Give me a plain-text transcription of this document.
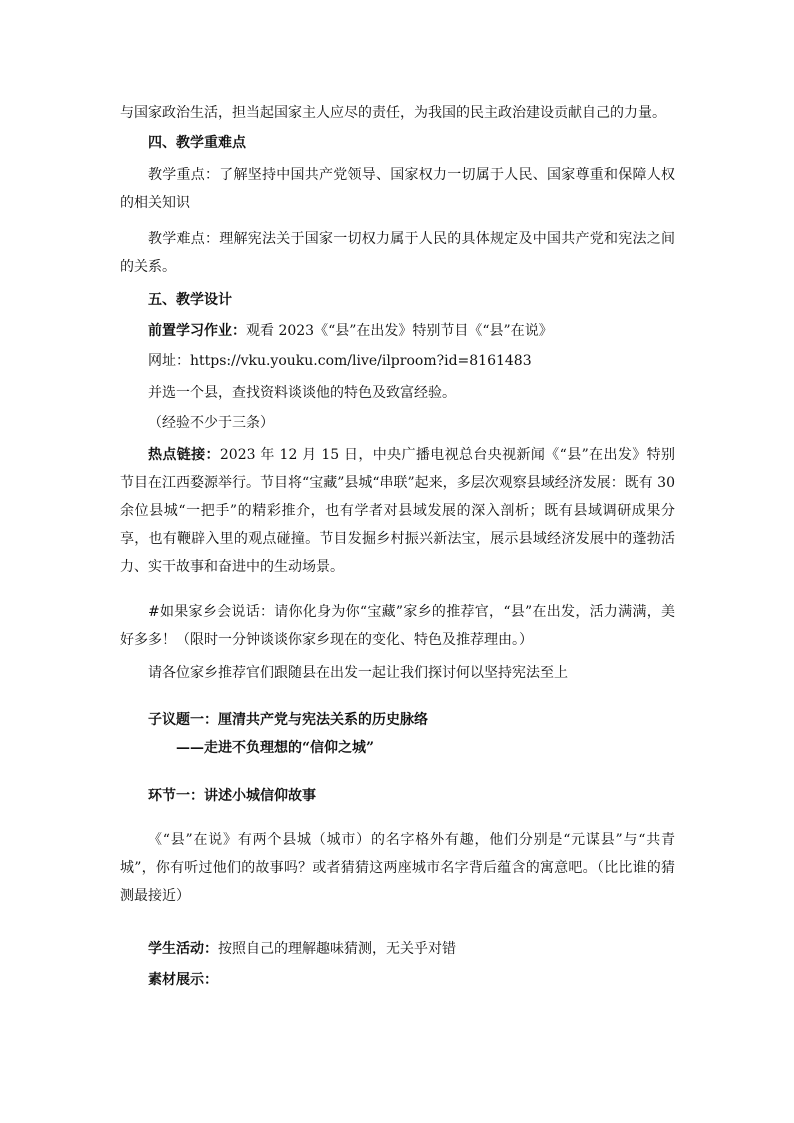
与国家政治生活，担当起国家主人应尽的责任，为我国的民主政治建设贡献自己的力量。

四、教学重难点

教学重点：了解坚持中国共产党领导、国家权力一切属于人民、国家尊重和保障人权的相关知识

教学难点：理解宪法关于国家一切权力属于人民的具体规定及中国共产党和宪法之间的关系。

五、教学设计

前置学习作业：观看 2023《“县”在出发》特别节目《“县”在说》

网址：https://vku.youku.com/live/ilproom?id=8161483

并选一个县，查找资料谈谈他的特色及致富经验。

（经验不少于三条）

热点链接：2023 年 12 月 15 日，中央广播电视总台央视新闻《“县”在出发》特别节目在江西婺源举行。节目将“宝藏”县城“串联”起来，多层次观察县域经济发展：既有 30 余位县城“一把手”的精彩推介，也有学者对县域发展的深入剖析；既有县域调研成果分享，也有鞭辟入里的观点碰撞。节目发掘乡村振兴新法宝，展示县域经济发展中的蓬勃活力、实干故事和奋进中的生动场景。

#如果家乡会说话：请你化身为你“宝藏”家乡的推荐官，“县”在出发，活力满满，美好多多！（限时一分钟谈谈你家乡现在的变化、特色及推荐理由。）

请各位家乡推荐官们跟随县在出发一起让我们探讨何以坚持宪法至上

子议题一：厘清共产党与宪法关系的历史脉络

——走进不负理想的“信仰之城”

环节一：讲述小城信仰故事

《“县”在说》有两个县城（城市）的名字格外有趣，他们分别是“元谋县”与“共青城”，你有听过他们的故事吗？或者猜猜这两座城市名字背后蕴含的寓意吧。（比比谁的猜测最接近）

学生活动：按照自己的理解趣味猜测，无关乎对错

素材展示：
